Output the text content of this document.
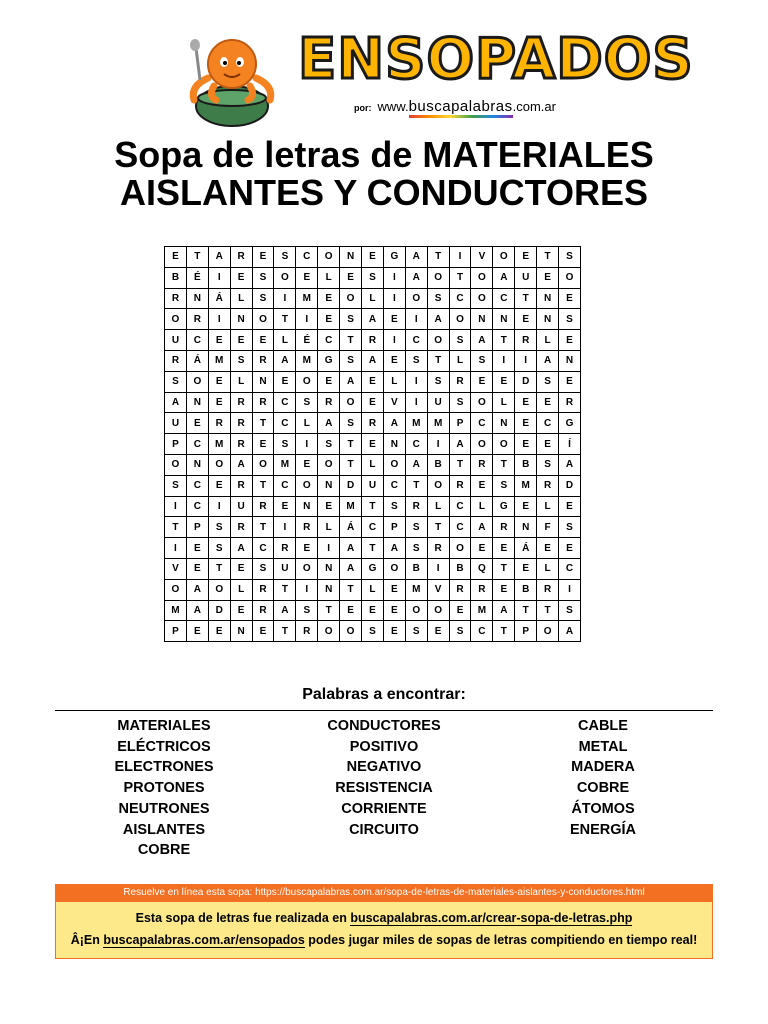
ENSOPADOS
por: www.buscapalabras.com.ar
Sopa de letras de MATERIALES
AISLANTES Y CONDUCTORES
E	T	A	R	E	S	C	O	N	E	G	A	T	I	V	O	E	T	S
B	É	I	E	S	O	E	L	E	S	I	A	O	T	O	A	U	E	O
R	N	Á	L	S	I	M	E	O	L	I	O	S	C	O	C	T	N	E
O	R	I	N	O	T	I	E	S	A	E	I	A	O	N	N	E	N	S
U	C	E	E	E	L	É	C	T	R	I	C	O	S	A	T	R	L	E
R	Á	M	S	R	A	M	G	S	A	E	S	T	L	S	I	I	A	N
S	O	E	L	N	E	O	E	A	E	L	I	S	R	E	E	D	S	E
A	N	E	R	R	C	S	R	O	E	V	I	U	S	O	L	E	E	R
U	E	R	R	T	C	L	A	S	R	A	M	M	P	C	N	E	C	G
P	C	M	R	E	S	I	S	T	E	N	C	I	A	O	O	E	E	Í
O	N	O	A	O	M	E	O	T	L	O	A	B	T	R	T	B	S	A
S	C	E	R	T	C	O	N	D	U	C	T	O	R	E	S	M	R	D
I	C	I	U	R	E	N	E	M	T	S	R	L	C	L	G	E	L	E
T	P	S	R	T	I	R	L	Á	C	P	S	T	C	A	R	N	F	S
I	E	S	A	C	R	E	I	A	T	A	S	R	O	E	E	Á	E	E
V	E	T	E	S	U	O	N	A	G	O	B	I	B	Q	T	E	L	C
O	A	O	L	R	T	I	N	T	L	E	M	V	R	R	E	B	R	I
M	A	D	E	R	A	S	T	E	E	E	O	O	E	M	A	T	T	S
P	E	E	N	E	T	R	O	O	S	E	S	E	S	C	T	P	O	A
Palabras a encontrar:
MATERIALES
ELÉCTRICOS
ELECTRONES
PROTONES
NEUTRONES
AISLANTES
COBRE
CONDUCTORES
POSITIVO
NEGATIVO
RESISTENCIA
CORRIENTE
CIRCUITO
CABLE
METAL
MADERA
COBRE
ÁTOMOS
ENERGÍA
Resuelve en línea esta sopa: https://buscapalabras.com.ar/sopa-de-letras-de-materiales-aislantes-y-conductores.html
Esta sopa de letras fue realizada en buscapalabras.com.ar/crear-sopa-de-letras.php
Â¡En buscapalabras.com.ar/ensopados podes jugar miles de sopas de letras compitiendo en tiempo real!
